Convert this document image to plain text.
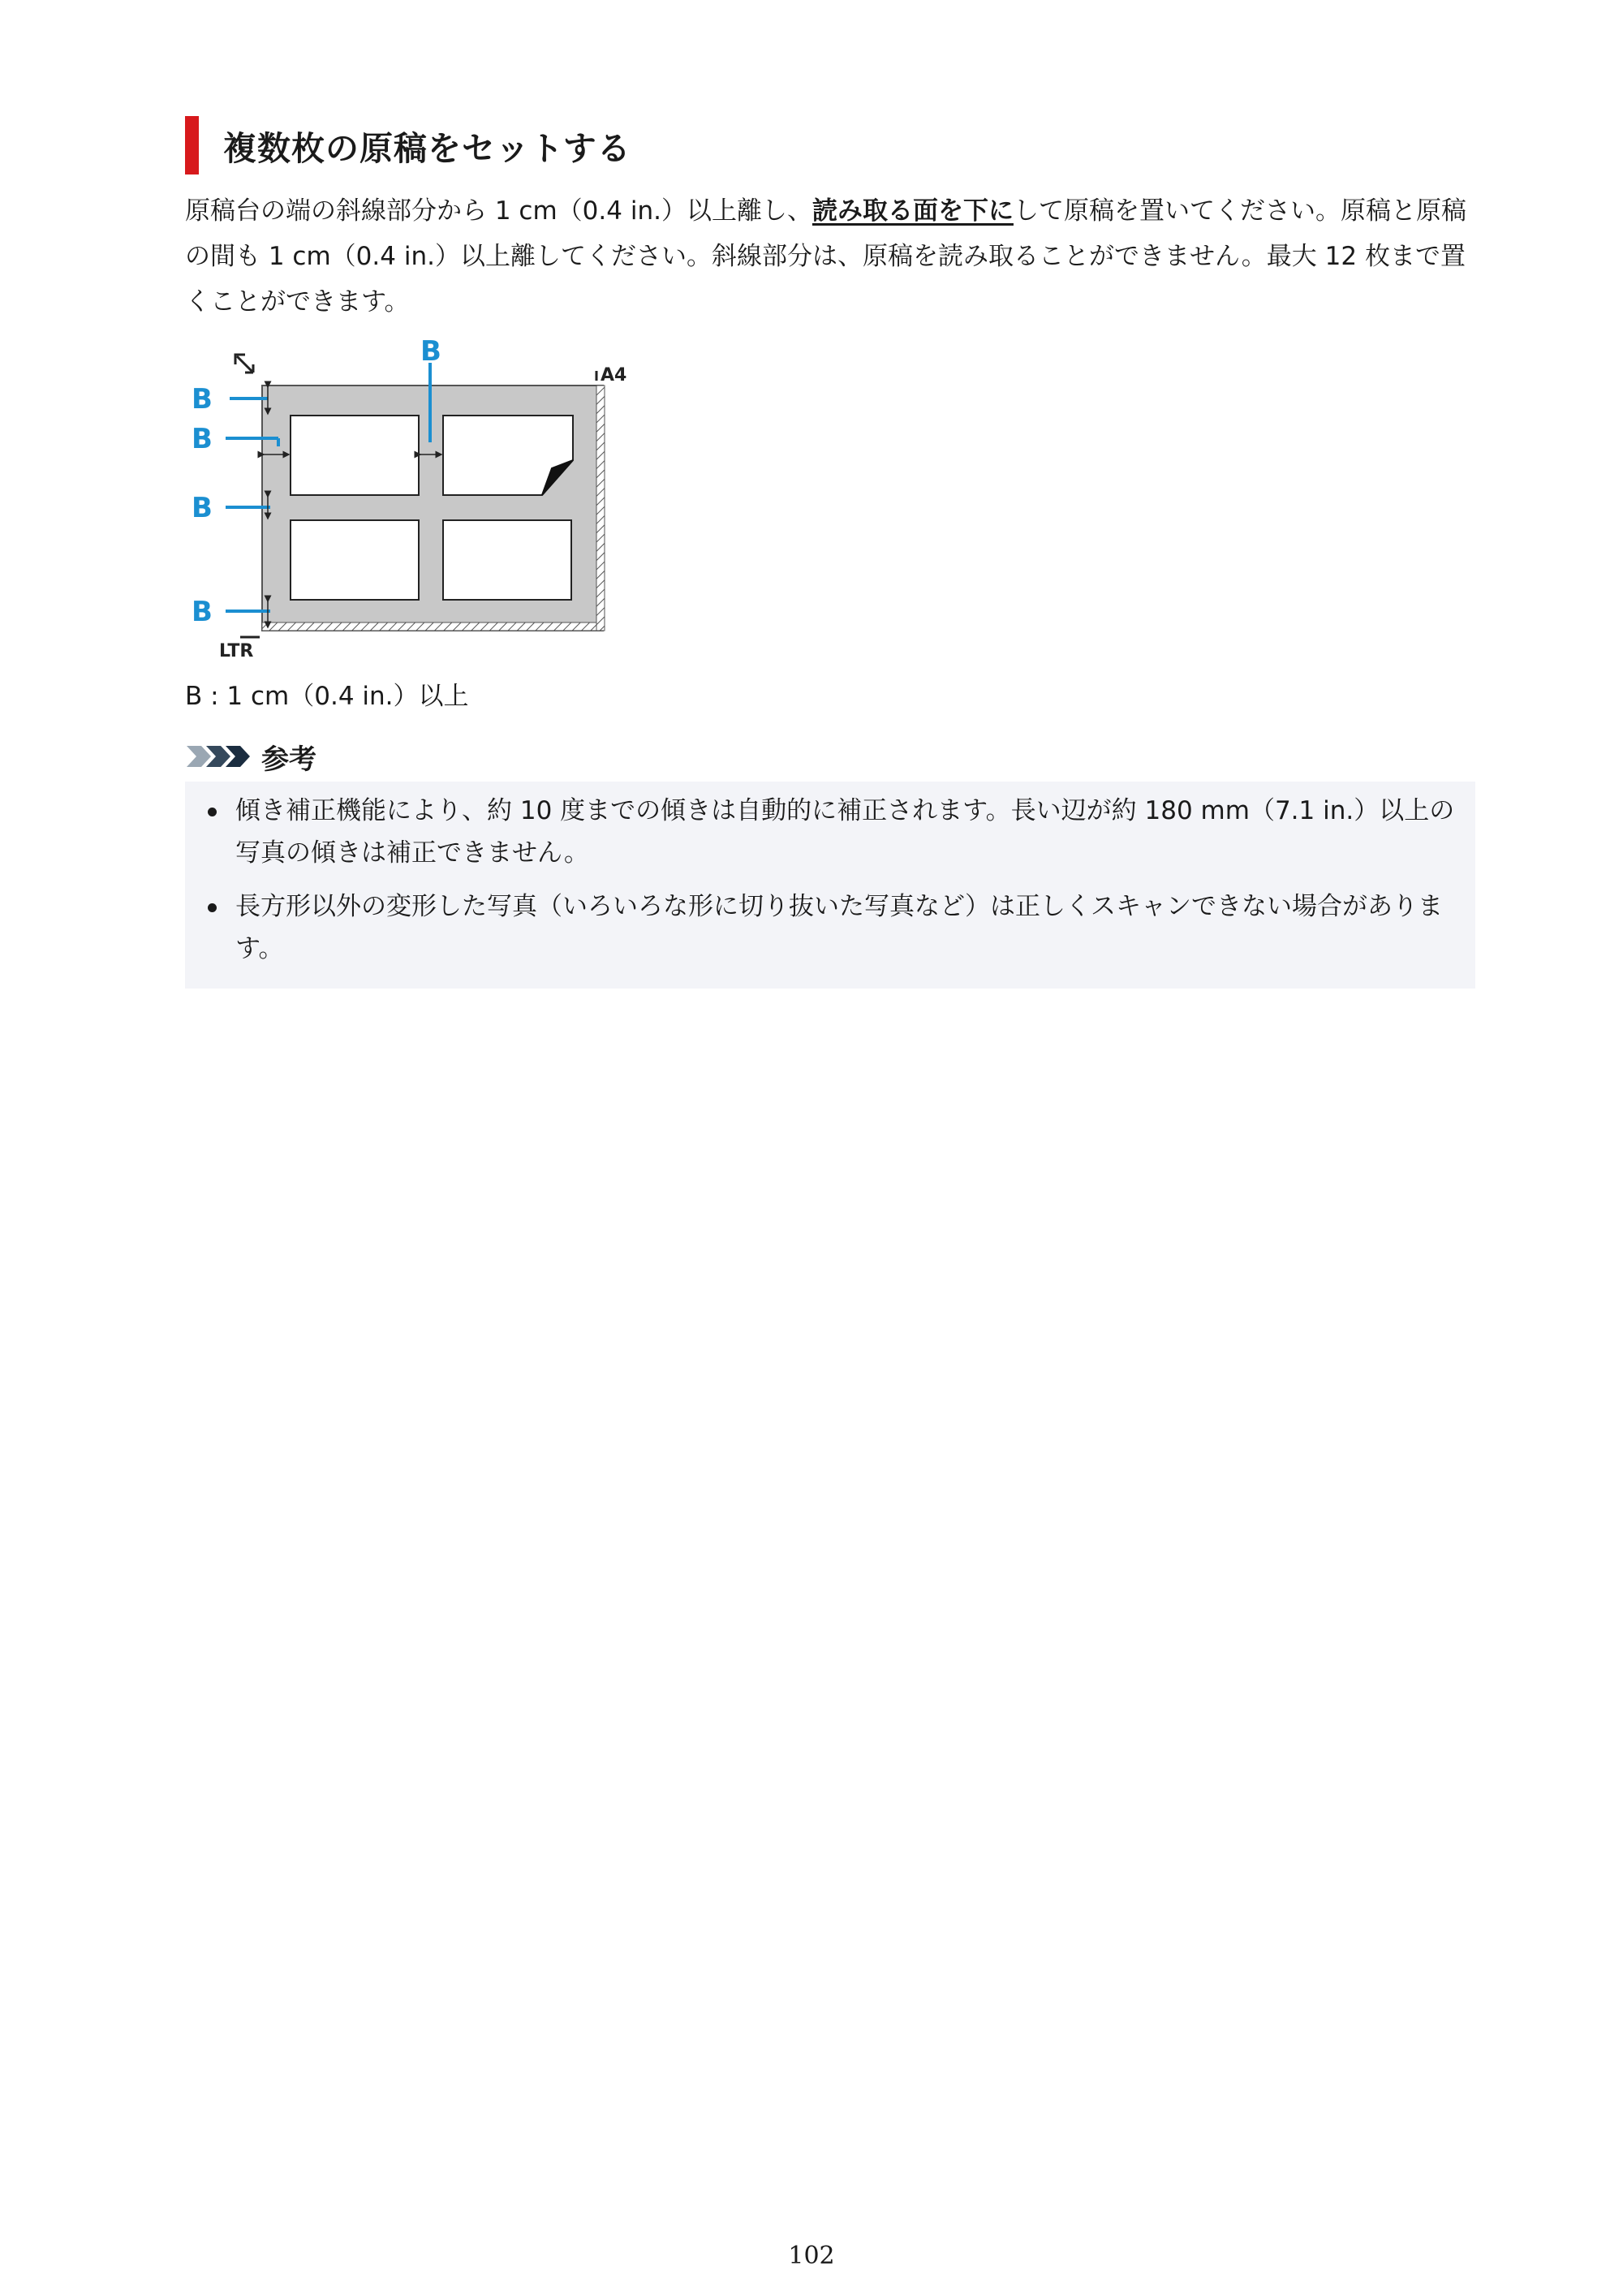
複数枚の原稿をセットする
原稿台の端の斜線部分から 1 cm（0.4 in.）以上離し、読み取る面を下にして原稿を置いてください。原稿と原稿の間も 1 cm（0.4 in.）以上離してください。斜線部分は、原稿を読み取ることができません。最大 12 枚まで置くことができます。
B
B
B
B
B
A4
LTR
B : 1 cm（0.4 in.）以上
参考
傾き補正機能により、約 10 度までの傾きは自動的に補正されます。長い辺が約 180 mm（7.1 in.）以上の写真の傾きは補正できません。
長方形以外の変形した写真（いろいろな形に切り抜いた写真など）は正しくスキャンできない場合があります。
102
